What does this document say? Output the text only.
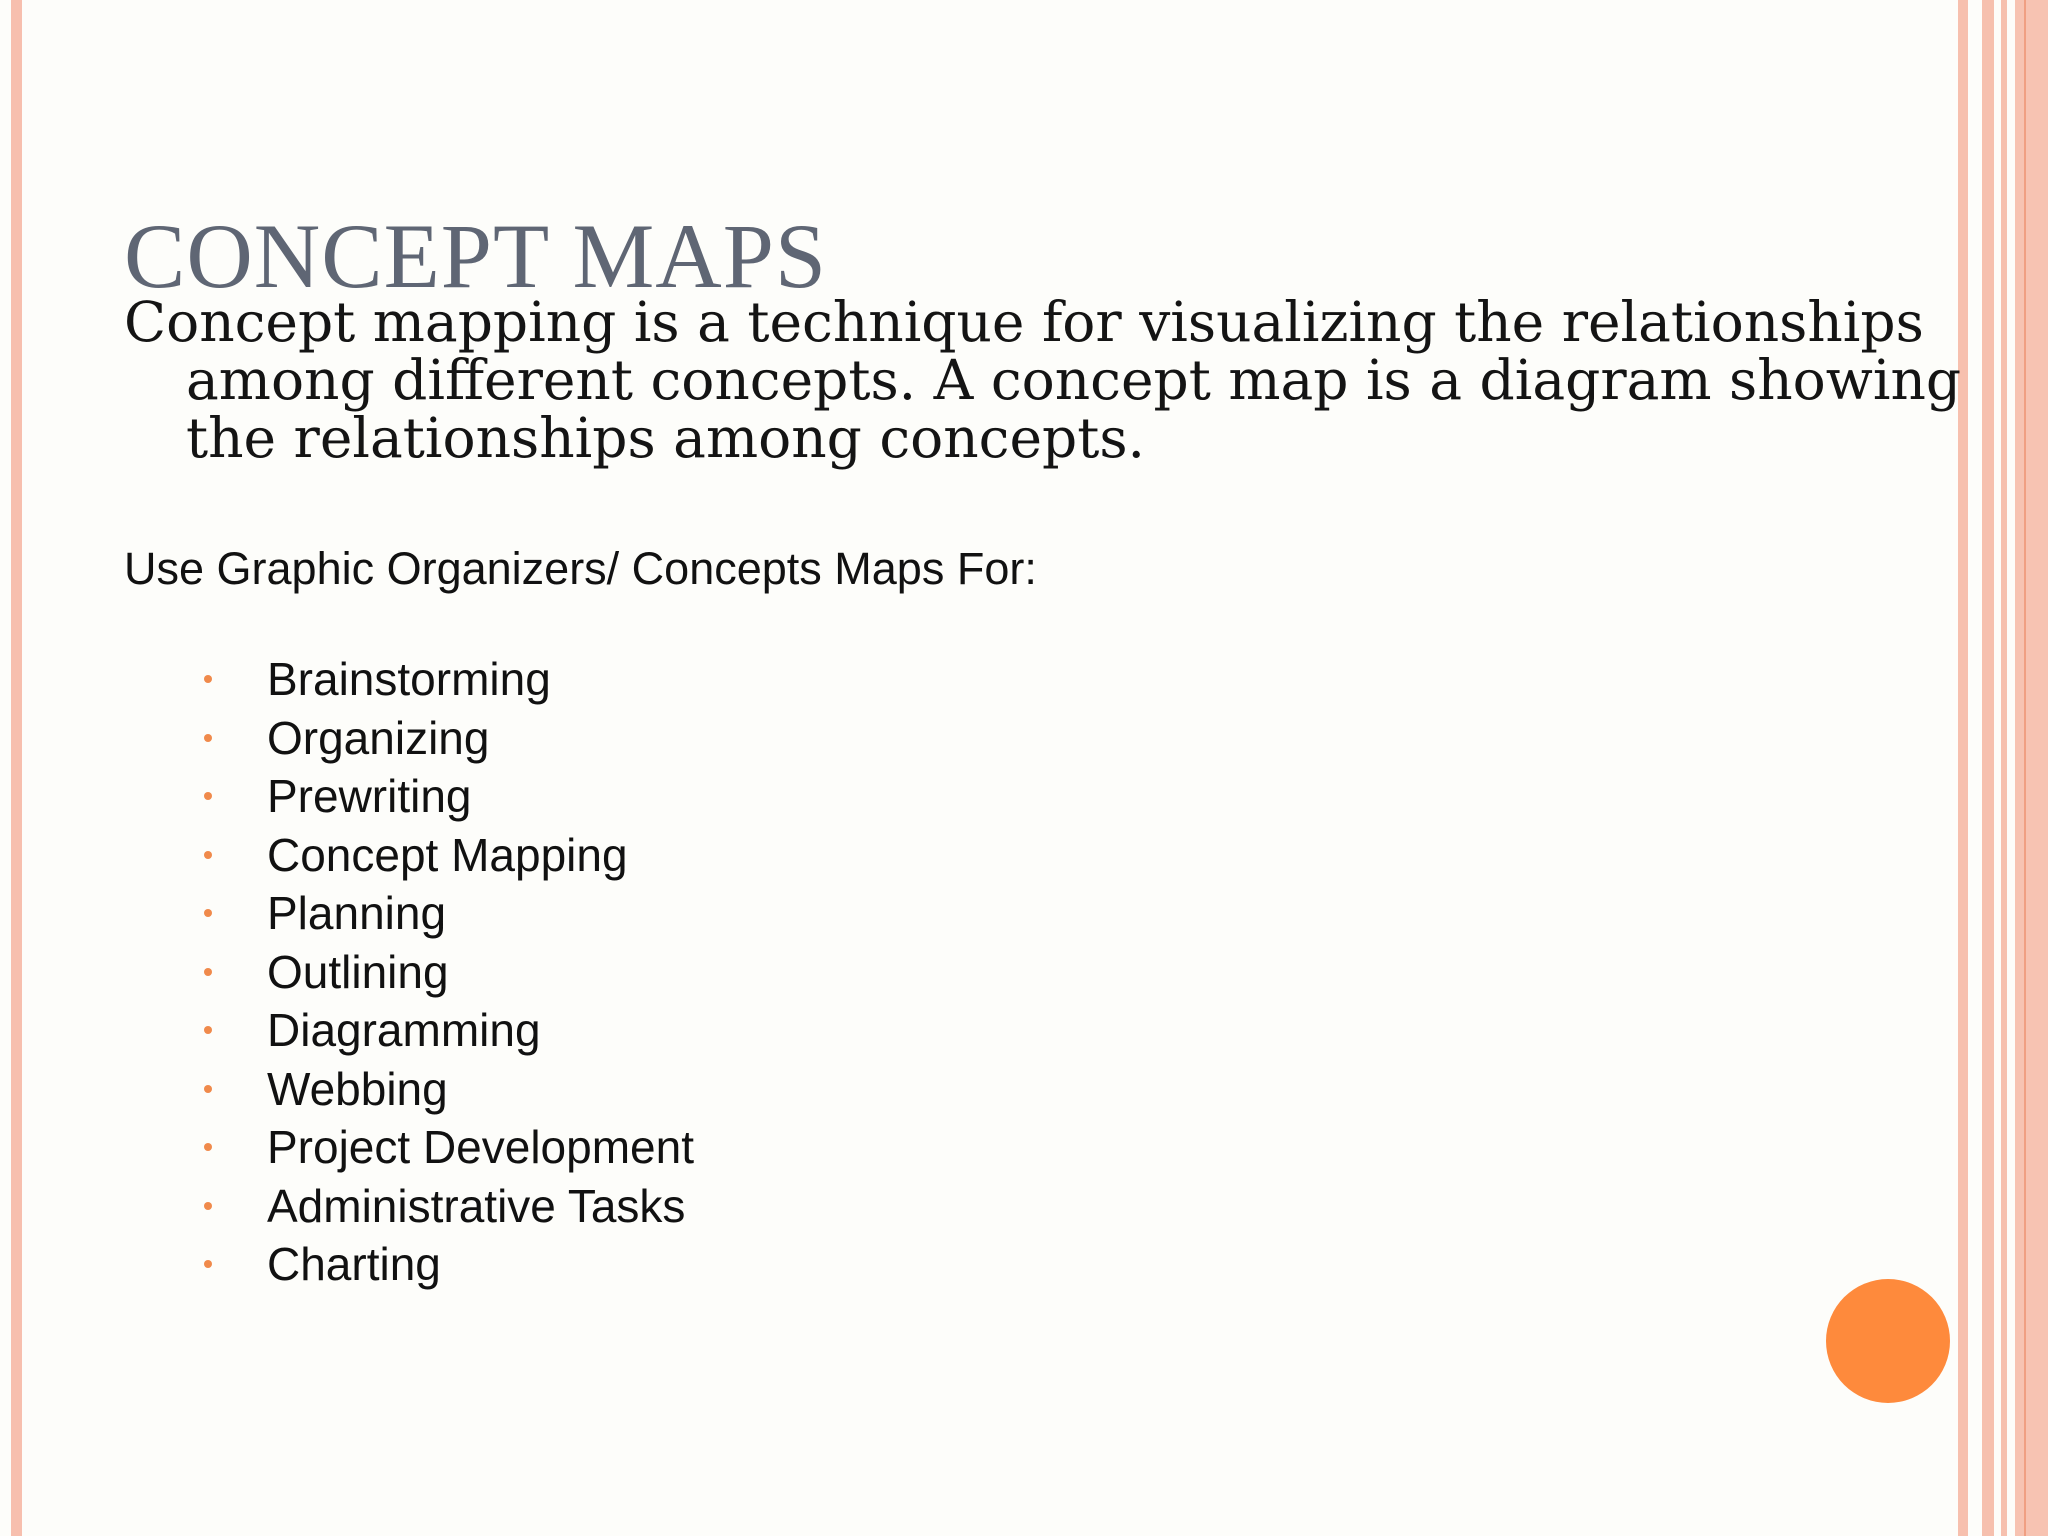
CONCEPT MAPS

Concept mapping is a technique for visualizing the relationships among different concepts. A concept map is a diagram showing the relationships among concepts.

Use Graphic Organizers/ Concepts Maps For:

Brainstorming
Organizing
Prewriting
Concept Mapping
Planning
Outlining
Diagramming
Webbing
Project Development
Administrative Tasks
Charting
